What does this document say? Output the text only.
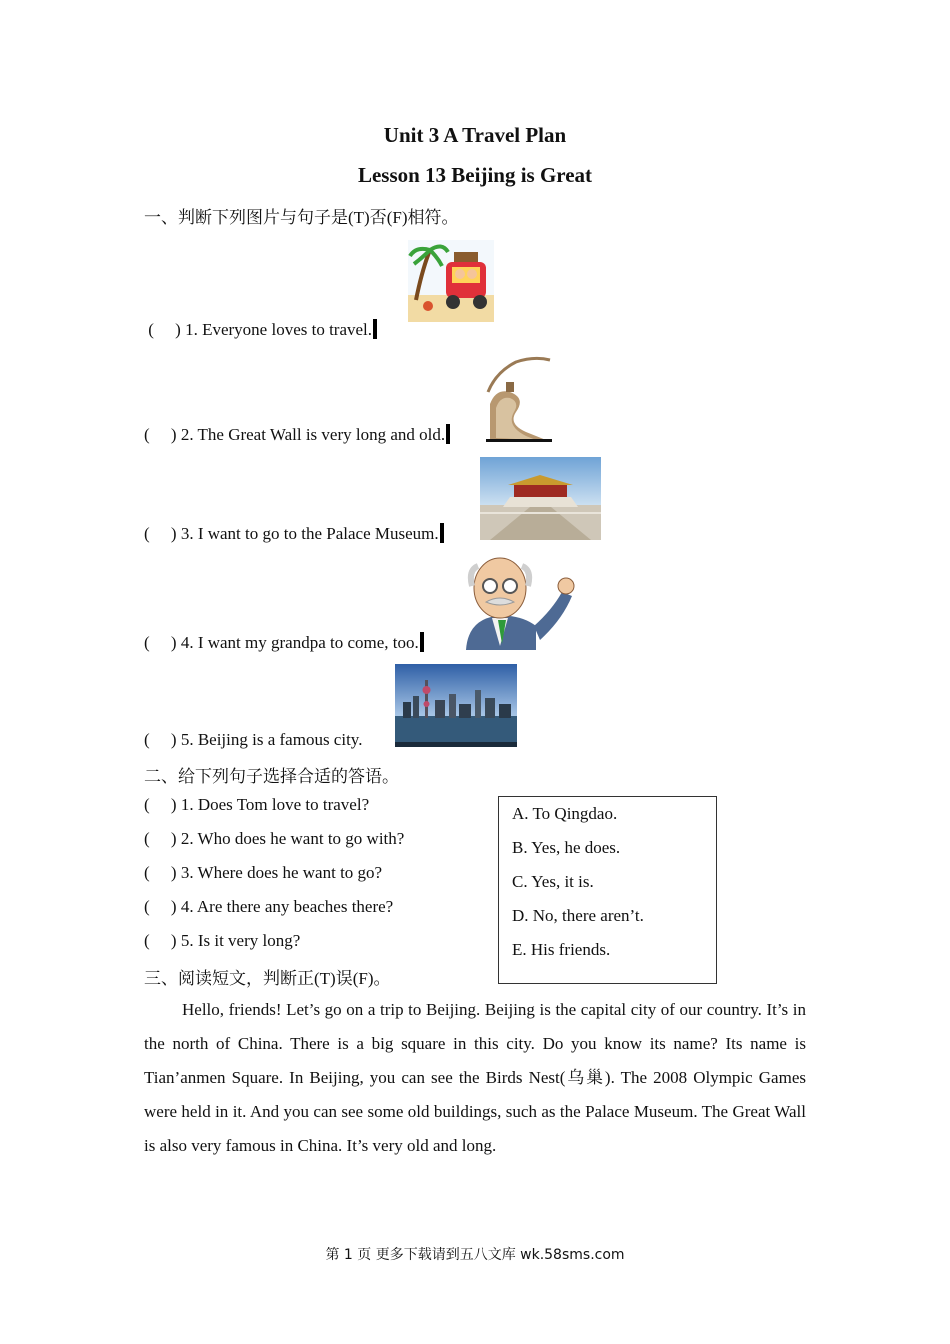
Unit 3 A Travel Plan
Lesson 13 Beijing is Great
一、判断下列图片与句子是(T)否(F)相符。
(     ) 1. Everyone loves to travel.
(     ) 2. The Great Wall is very long and old.
(     ) 3. I want to go to the Palace Museum.
(     ) 4. I want my grandpa to come, too.
(     ) 5. Beijing is a famous city.
二、给下列句子选择合适的答语。
(     ) 1. Does Tom love to travel?
(     ) 2. Who does he want to go with?
(     ) 3. Where does he want to go?
(     ) 4. Are there any beaches there?
(     ) 5. Is it very long?
A. To Qingdao.
B. Yes, he does.
C. Yes, it is.
D. No, there aren’t.
E. His friends.
三、阅读短文，判断正(T)误(F)。
Hello, friends! Let’s go on a trip to Beijing. Beijing is the capital city of our country. It’s in the north of China. There is a big square in this city. Do you know its name? Its name is Tian’anmen Square. In Beijing, you can see the Birds Nest(乌巢). The 2008 Olympic Games were held in it. And you can see some old buildings, such as the Palace Museum. The Great Wall is also very famous in China. It’s very old and long.
第 1 页 更多下载请到五八文库 wk.58sms.com
